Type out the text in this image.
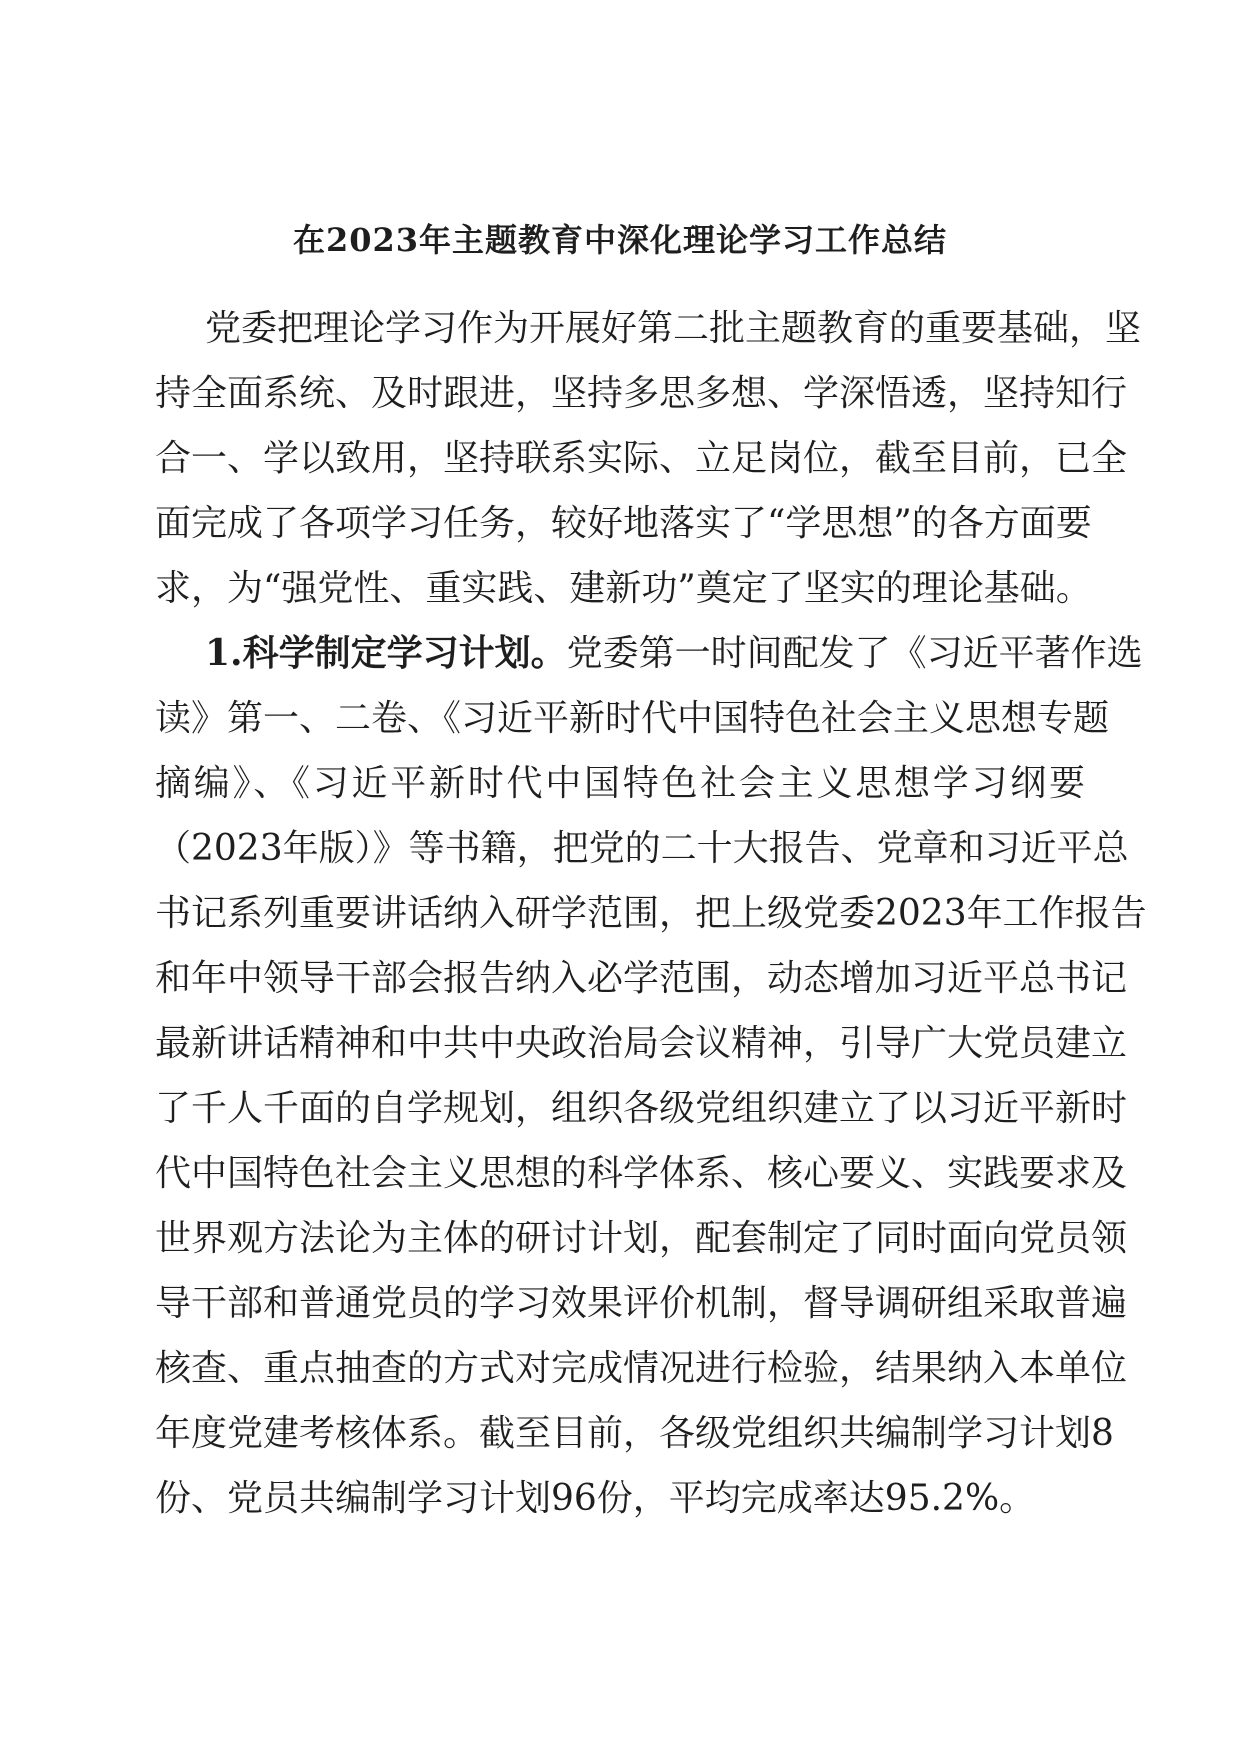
在2023年主题教育中深化理论学习工作总结
党委把理论学习作为开展好第二批主题教育的重要基础，坚
持全面系统、及时跟进，坚持多思多想、学深悟透，坚持知行
合一、学以致用，坚持联系实际、立足岗位，截至目前，已全
面完成了各项学习任务，较好地落实了“学思想”的各方面要
求，为“强党性、重实践、建新功”奠定了坚实的理论基础。
1.科学制定学习计划。党委第一时间配发了《习近平著作选
读》第一、二卷、《习近平新时代中国特色社会主义思想专题
摘编》、《习近平新时代中国特色社会主义思想学习纲要
（2023年版）》等书籍，把党的二十大报告、党章和习近平总
书记系列重要讲话纳入研学范围，把上级党委2023年工作报告
和年中领导干部会报告纳入必学范围，动态增加习近平总书记
最新讲话精神和中共中央政治局会议精神，引导广大党员建立
了千人千面的自学规划，组织各级党组织建立了以习近平新时
代中国特色社会主义思想的科学体系、核心要义、实践要求及
世界观方法论为主体的研讨计划，配套制定了同时面向党员领
导干部和普通党员的学习效果评价机制，督导调研组采取普遍
核查、重点抽查的方式对完成情况进行检验，结果纳入本单位
年度党建考核体系。截至目前，各级党组织共编制学习计划8
份、党员共编制学习计划96份，平均完成率达95.2%。
